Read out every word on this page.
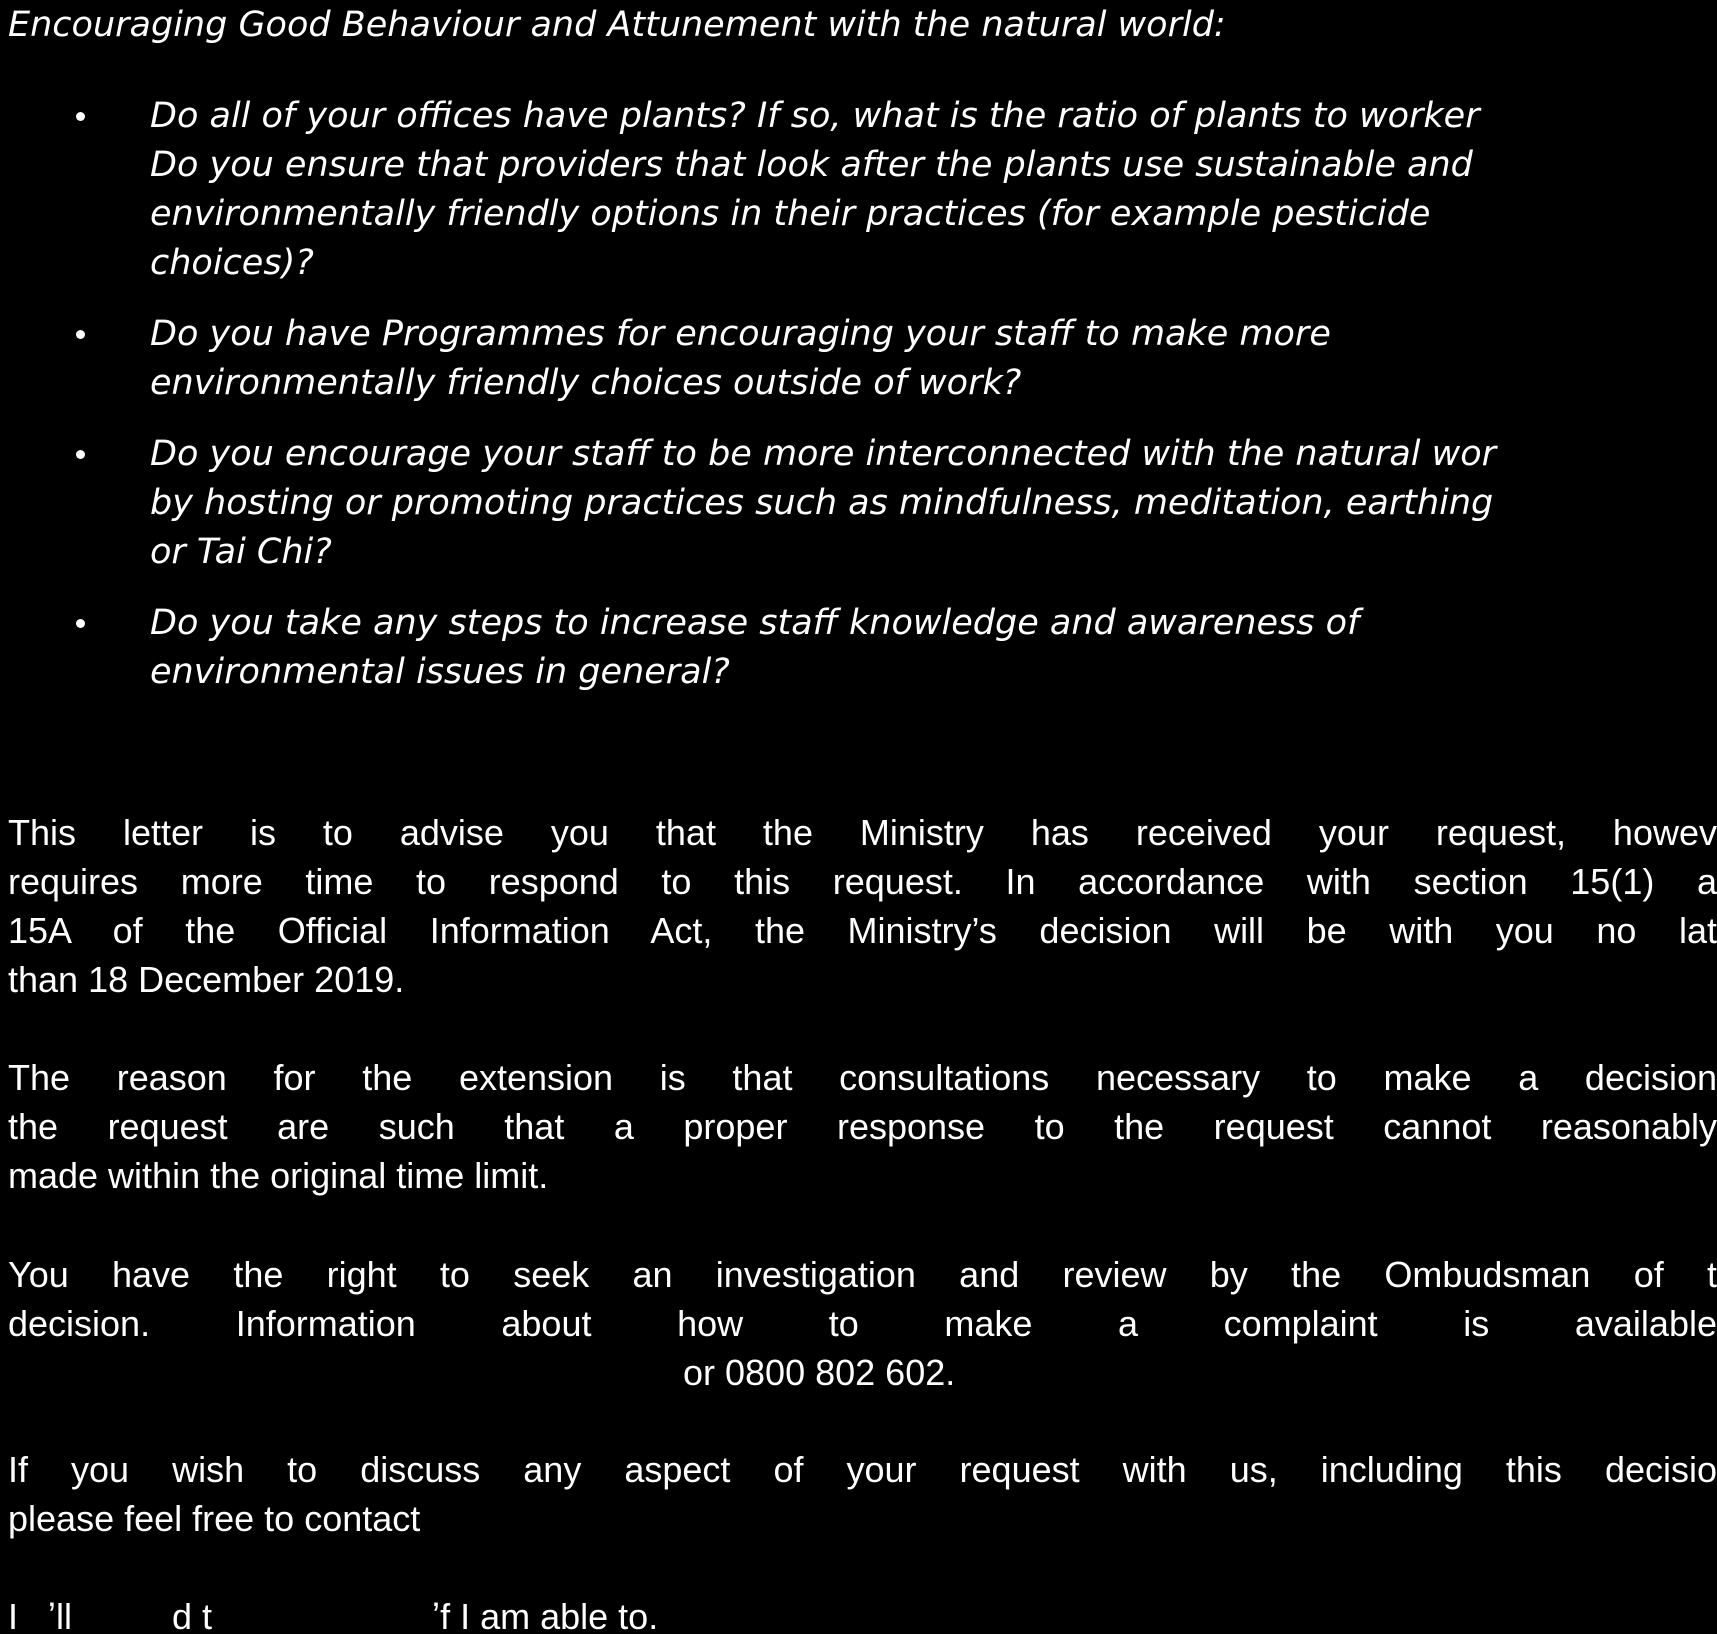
Encouraging Good Behaviour and Attunement with the natural world:
Do all of your offices have plants? If so, what is the ratio of plants to worker
Do you ensure that providers that look after the plants use sustainable and
environmentally friendly options in their practices (for example pesticide
choices)?
Do you have Programmes for encouraging your staff to make more
environmentally friendly choices outside of work?
Do you encourage your staff to be more interconnected with the natural wor
by hosting or promoting practices such as mindfulness, meditation, earthing
or Tai Chi?
Do you take any steps to increase staff knowledge and awareness of
environmental issues in general?
This letter is to advise you that the Ministry has received your request, howev
requires more time to respond to this request. In accordance with section 15(1) a
15A of the Official Information Act, the Ministry’s decision will be with you no lat
than 18 December 2019.
The reason for the extension is that consultations necessary to make a decision
the request are such that a proper response to the request cannot reasonably
made within the original time limit.
You have the right to seek an investigation and review by the Ombudsman of t
decision. Information about how to make a complaint is available
or 0800 802 602.
If you wish to discuss any aspect of your request with us, including this decisio
please feel free to contact
I   ʼll          d t                      ʼf I am able to.
